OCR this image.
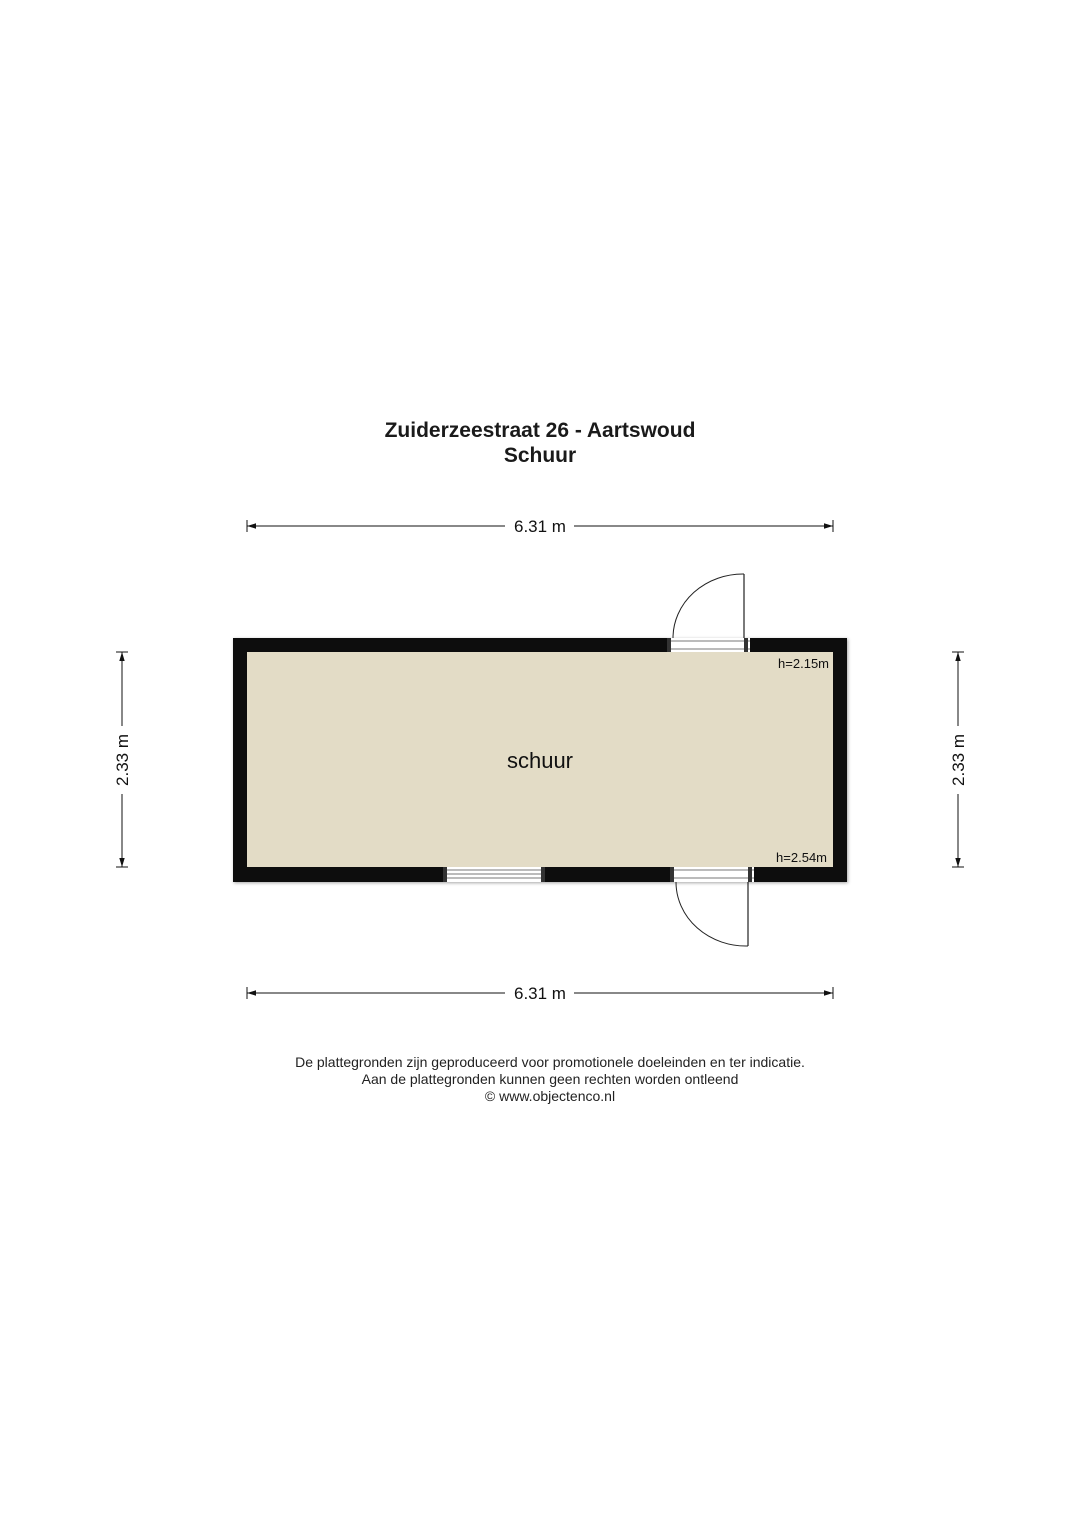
Zuiderzeestraat 26 - Aartswoud
Schuur
6.31 m
6.31 m
2.33 m	2.33 m
schuur
h=2.15m
h=2.54m
De plattegronden zijn geproduceerd voor promotionele doeleinden en ter indicatie.
Aan de plattegronden kunnen geen rechten worden ontleend
© www.objectenco.nl
